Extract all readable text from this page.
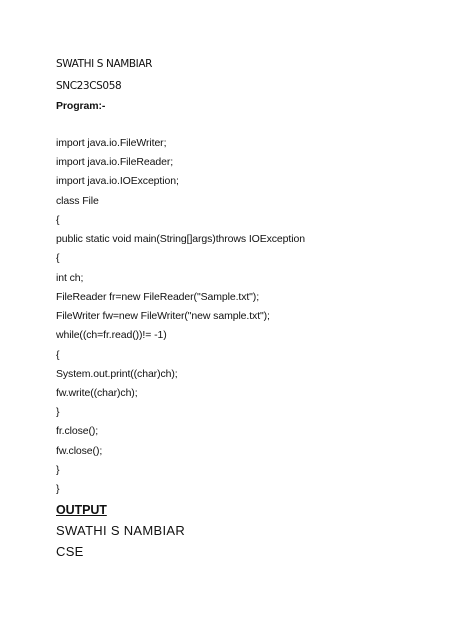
SWATHI S NAMBIAR
SNC23CS058
Program:-
import java.io.FileWriter;
import java.io.FileReader;
import java.io.IOException;
class File
{
public static void main(String[]args)throws IOException
{
int ch;
FileReader fr=new FileReader("Sample.txt");
FileWriter fw=new FileWriter("new sample.txt");
while((ch=fr.read())!= -1)
{
System.out.print((char)ch);
fw.write((char)ch);
}
fr.close();
fw.close();
}
}
OUTPUT
SWATHI S NAMBIAR
CSE
